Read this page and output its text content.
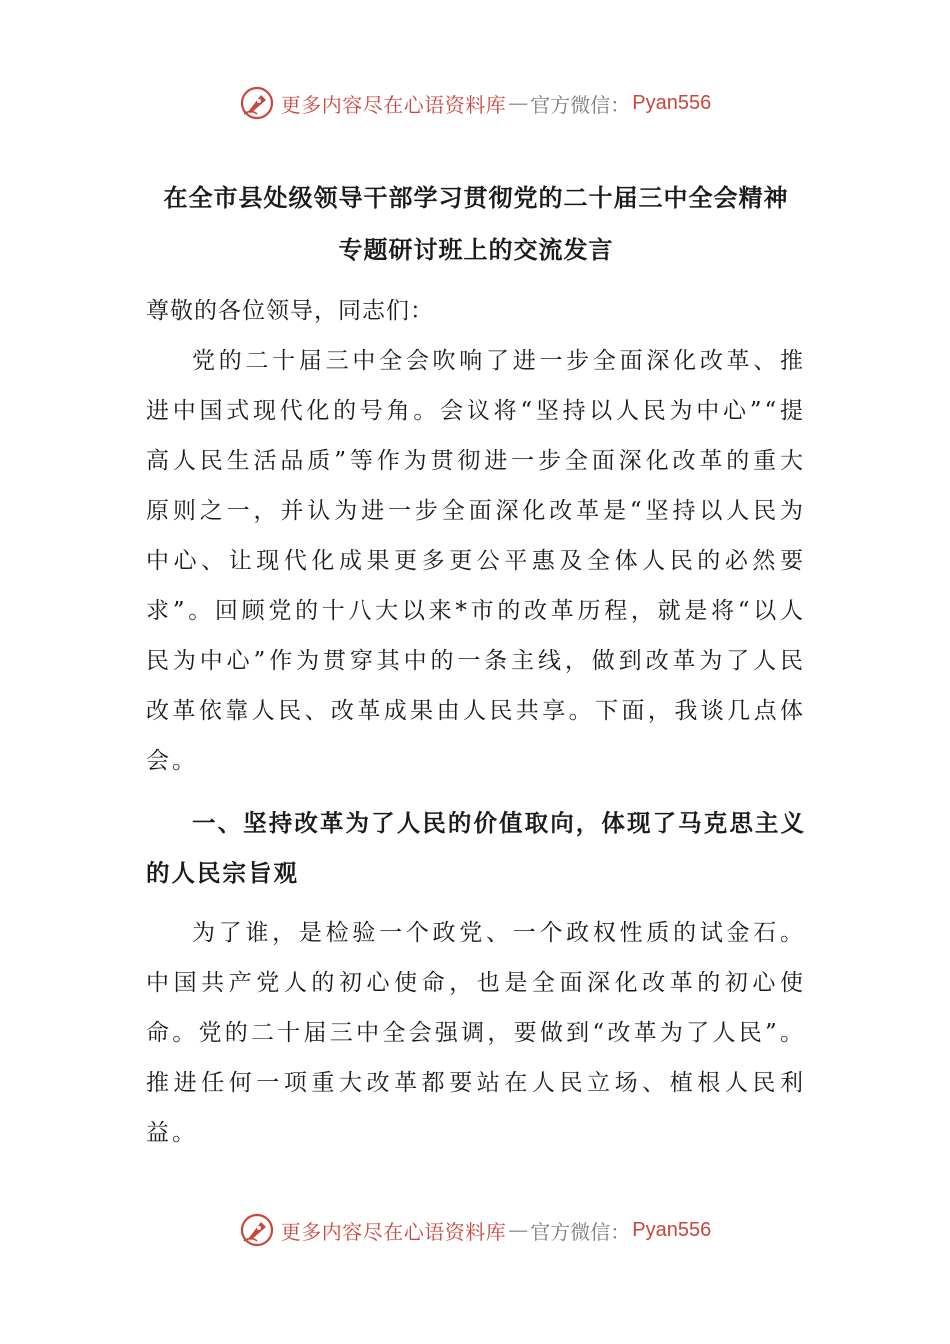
更多内容尽在心语资料库 — 官方微信： Pyan556

在全市县处级领导干部学习贯彻党的二十届三中全会精神

专题研讨班上的交流发言

尊敬的各位领导，同志们：

党的二十届三中全会吹响了进一步全面深化改革、推进中国式现代化的号角。会议将“坚持以人民为中心”“提高人民生活品质”等作为贯彻进一步全面深化改革的重大原则之一，并认为进一步全面深化改革是“坚持以人民为中心、让现代化成果更多更公平惠及全体人民的必然要求”。回顾党的十八大以来*市的改革历程，就是将“以人民为中心”作为贯穿其中的一条主线，做到改革为了人民改革依靠人民、改革成果由人民共享。下面，我谈几点体会。

一、坚持改革为了人民的价值取向，体现了马克思主义的人民宗旨观

为了谁，是检验一个政党、一个政权性质的试金石。中国共产党人的初心使命，也是全面深化改革的初心使命。党的二十届三中全会强调，要做到“改革为了人民”。推进任何一项重大改革都要站在人民立场、植根人民利益。

更多内容尽在心语资料库 — 官方微信： Pyan556
